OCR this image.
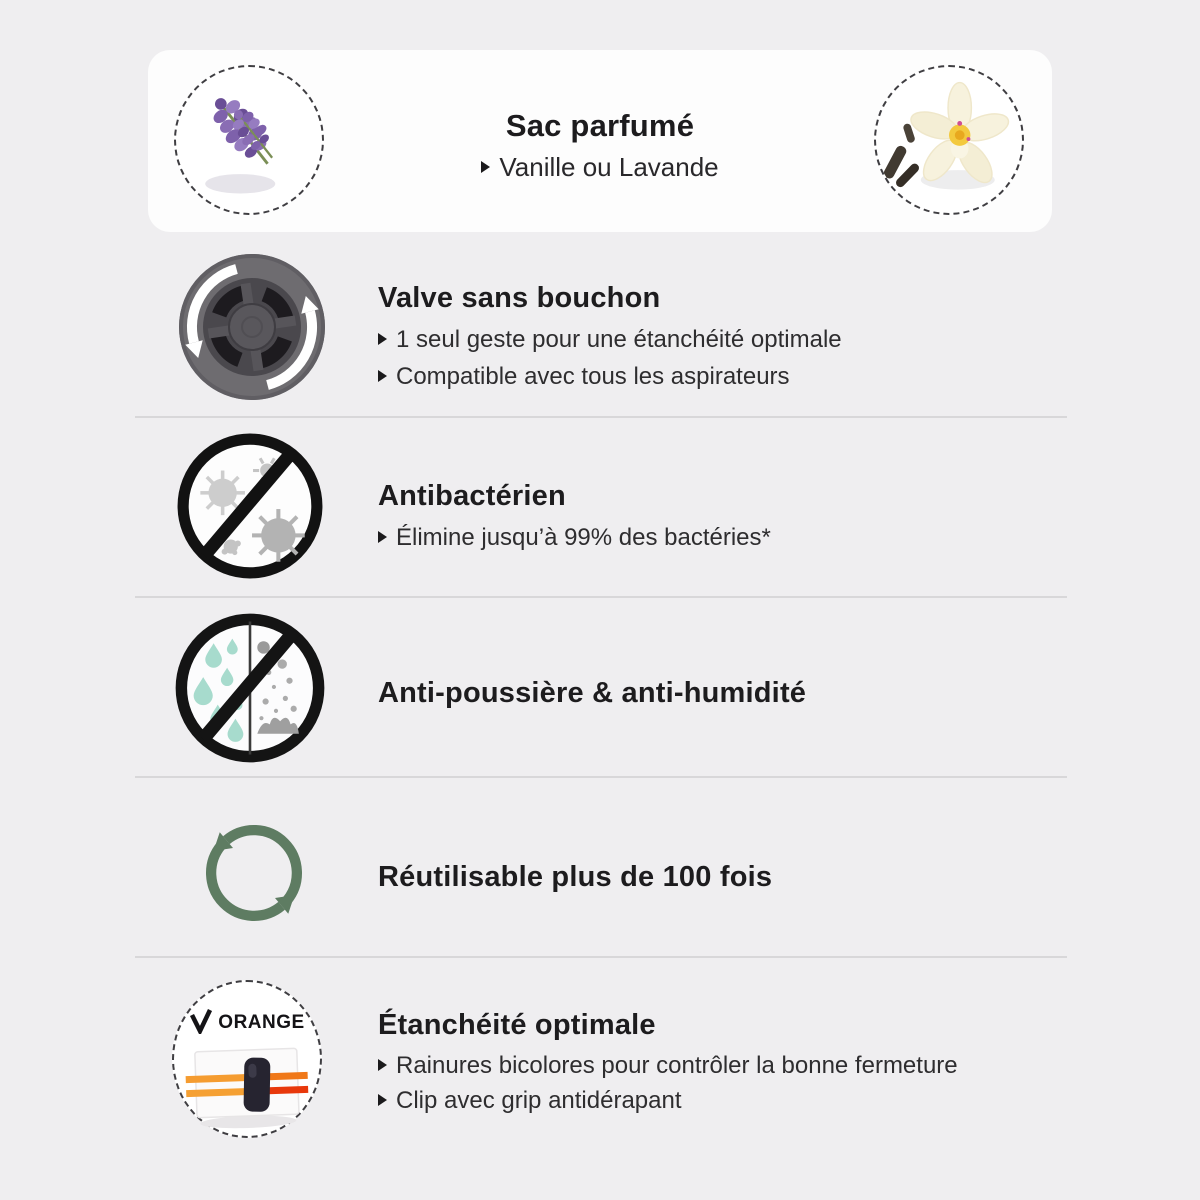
Sac parfumé
Vanille ou Lavande
Valve sans bouchon
1 seul geste pour une étanchéité optimale
Compatible avec tous les aspirateurs
Antibactérien
Élimine jusqu’à 99% des bactéries*
Anti-poussière & anti-humidité
Réutilisable plus de 100 fois
ORANGE	Étanchéité optimale
Rainures bicolores pour contrôler la bonne fermeture
Clip avec grip antidérapant
